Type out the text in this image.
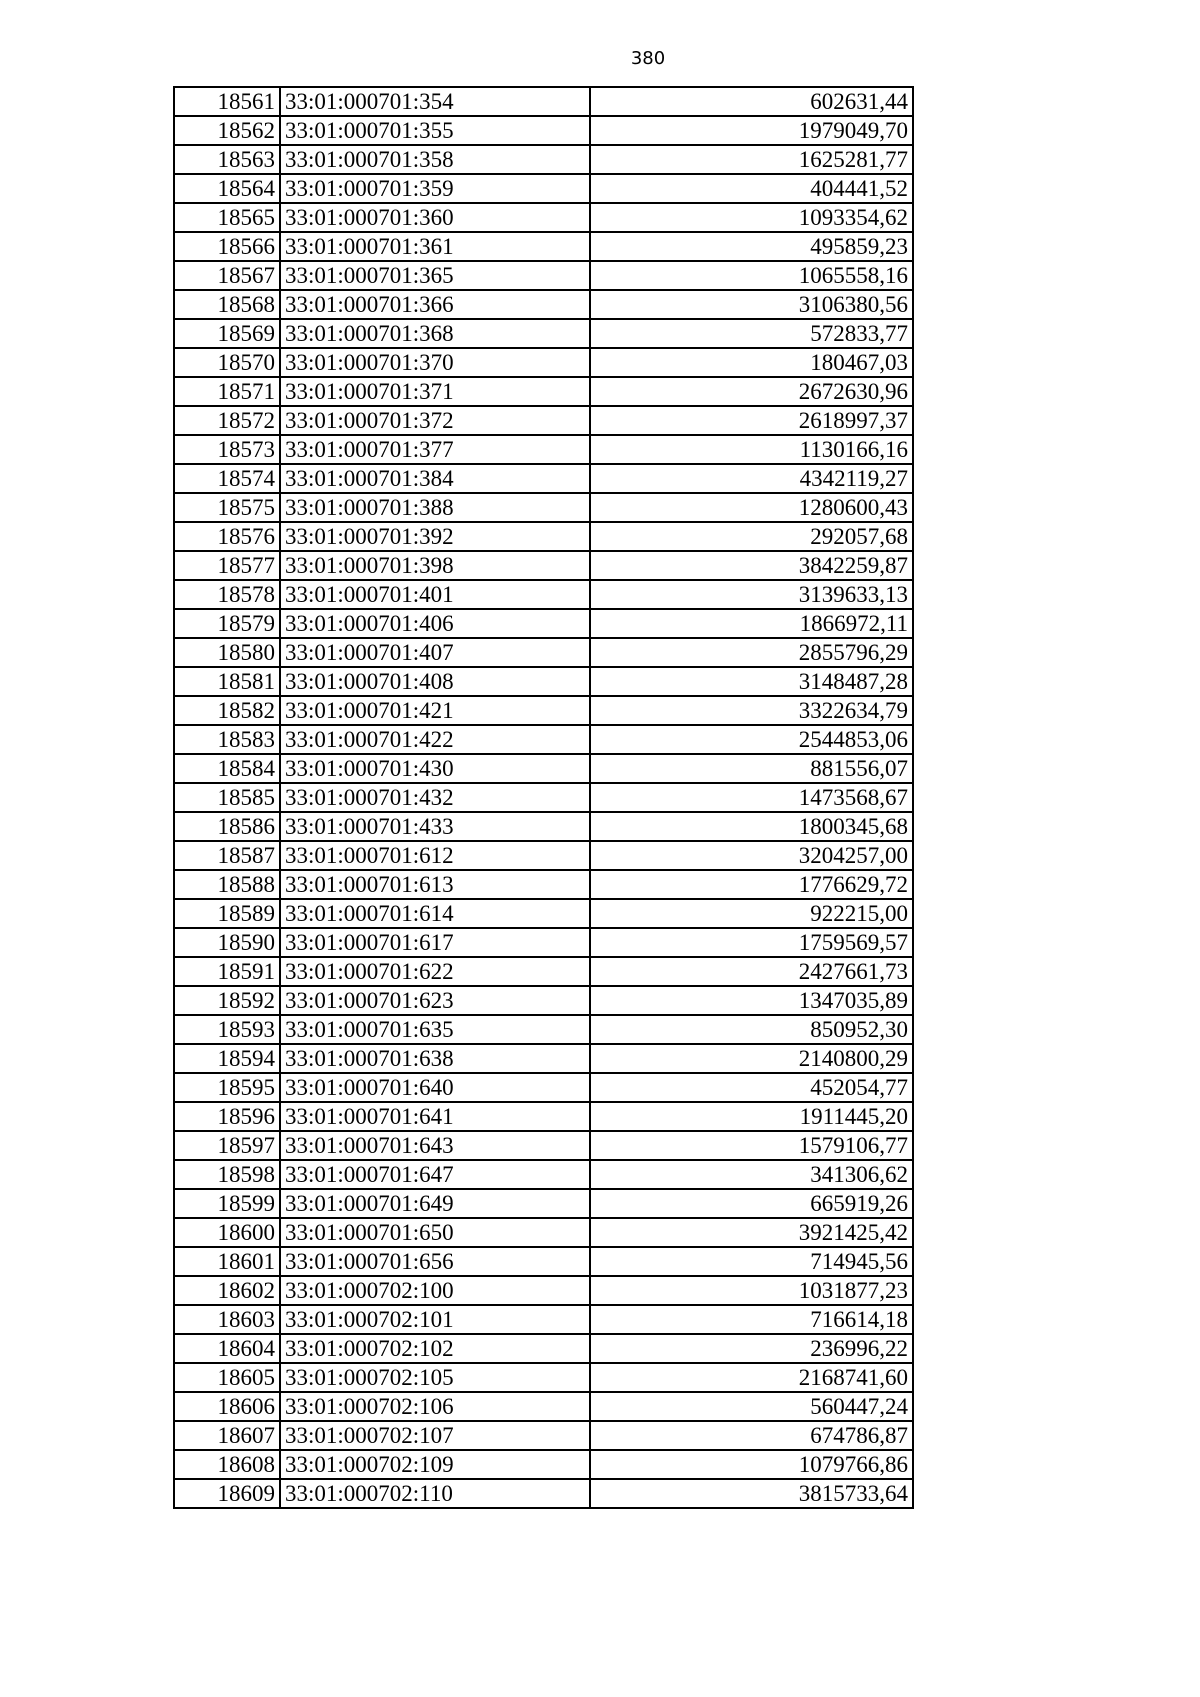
380
18561	33:01:000701:354	602631,44
18562	33:01:000701:355	1979049,70
18563	33:01:000701:358	1625281,77
18564	33:01:000701:359	404441,52
18565	33:01:000701:360	1093354,62
18566	33:01:000701:361	495859,23
18567	33:01:000701:365	1065558,16
18568	33:01:000701:366	3106380,56
18569	33:01:000701:368	572833,77
18570	33:01:000701:370	180467,03
18571	33:01:000701:371	2672630,96
18572	33:01:000701:372	2618997,37
18573	33:01:000701:377	1130166,16
18574	33:01:000701:384	4342119,27
18575	33:01:000701:388	1280600,43
18576	33:01:000701:392	292057,68
18577	33:01:000701:398	3842259,87
18578	33:01:000701:401	3139633,13
18579	33:01:000701:406	1866972,11
18580	33:01:000701:407	2855796,29
18581	33:01:000701:408	3148487,28
18582	33:01:000701:421	3322634,79
18583	33:01:000701:422	2544853,06
18584	33:01:000701:430	881556,07
18585	33:01:000701:432	1473568,67
18586	33:01:000701:433	1800345,68
18587	33:01:000701:612	3204257,00
18588	33:01:000701:613	1776629,72
18589	33:01:000701:614	922215,00
18590	33:01:000701:617	1759569,57
18591	33:01:000701:622	2427661,73
18592	33:01:000701:623	1347035,89
18593	33:01:000701:635	850952,30
18594	33:01:000701:638	2140800,29
18595	33:01:000701:640	452054,77
18596	33:01:000701:641	1911445,20
18597	33:01:000701:643	1579106,77
18598	33:01:000701:647	341306,62
18599	33:01:000701:649	665919,26
18600	33:01:000701:650	3921425,42
18601	33:01:000701:656	714945,56
18602	33:01:000702:100	1031877,23
18603	33:01:000702:101	716614,18
18604	33:01:000702:102	236996,22
18605	33:01:000702:105	2168741,60
18606	33:01:000702:106	560447,24
18607	33:01:000702:107	674786,87
18608	33:01:000702:109	1079766,86
18609	33:01:000702:110	3815733,64
